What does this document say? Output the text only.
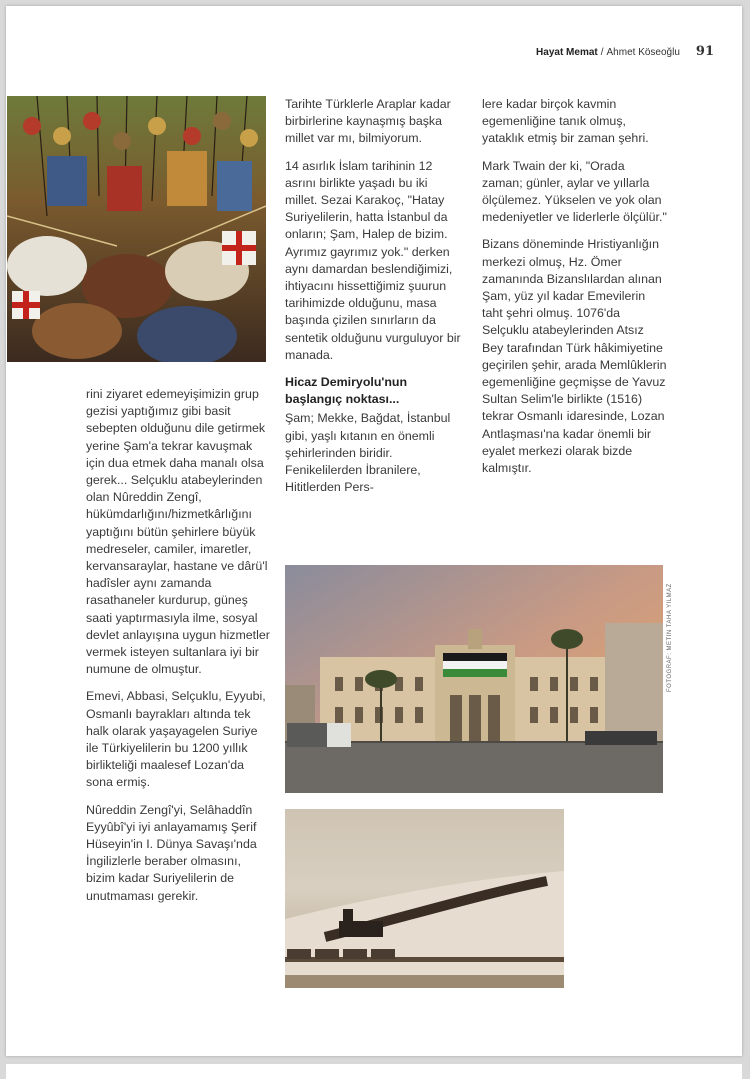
Hayat Memat / Ahmet Köseoğlu 91

rini ziyaret edemeyişimizin grup gezisi yaptığımız gibi basit sebepten olduğunu dile getirmek yerine Şam'a tekrar kavuşmak için dua etmek daha manalı olsa gerek... Selçuklu atabeylerinden olan Nûreddin Zengî, hükümdarlığını/hizmetkârlığını yaptığını bütün şehirlere büyük medreseler, camiler, imaretler, kervansaraylar, hastane ve dârü'l hadîsler aynı zamanda rasathaneler kurdurup, güneş saati yaptırmasıyla ilme, sosyal devlet anlayışına uygun hizmetler vermek isteyen sultanlara iyi bir numune de olmuştur.

Emevi, Abbasi, Selçuklu, Eyyubi, Osmanlı bayrakları altında tek halk olarak yaşayagelen Suriye ile Türkiyelilerin bu 1200 yıllık birlikteliği maalesef Lozan'da sona ermiş.

Nûreddin Zengî'yi, Selâhaddîn Eyyûbî'yi iyi anlayamamış Şerif Hüseyin'in I. Dünya Savaşı'nda İngilizlerle beraber olmasını, bizim kadar Suriyelilerin de unutmaması gerekir.

Tarihte Türklerle Araplar kadar birbirlerine kaynaşmış başka millet var mı, bilmiyorum.

14 asırlık İslam tarihinin 12 asrını birlikte yaşadı bu iki millet. Sezai Karakoç, "Hatay Suriyelilerin, hatta İstanbul da onların; Şam, Halep de bizim. Ayrımız gayrımız yok." derken aynı damardan beslendiğimizi, ihtiyacını hissettiğimiz şuurun tarihimizde olduğunu, masa başında çizilen sınırların da sentetik olduğunu vurguluyor bir manada.

Hicaz Demiryolu'nun başlangıç noktası...

Şam; Mekke, Bağdat, İstanbul gibi, yaşlı kıtanın en önemli şehirlerinden biridir. Fenikelilerden İbranilere, Hititlerden Pers-

lere kadar birçok kavmin egemenliğine tanık olmuş, yataklık etmiş bir zaman şehri.

Mark Twain der ki, "Orada zaman; günler, aylar ve yıllarla ölçülemez. Yükselen ve yok olan medeniyetler ve liderlerle ölçülür."

Bizans döneminde Hristiyanlığın merkezi olmuş, Hz. Ömer zamanında Bizanslılardan alınan Şam, yüz yıl kadar Emevilerin taht şehri olmuş. 1076'da Selçuklu atabeylerinden Atsız Bey tarafından Türk hâkimiyetine geçirilen şehir, arada Memlûklerin egemenliğine geçmişse de Yavuz Sultan Selim'le birlikte (1516) tekrar Osmanlı idaresinde, Lozan Antlaşması'na kadar önemli bir eyalet merkezi olarak bizde kalmıştır.

FOTOĞRAF: METİN TAHA YILMAZ
